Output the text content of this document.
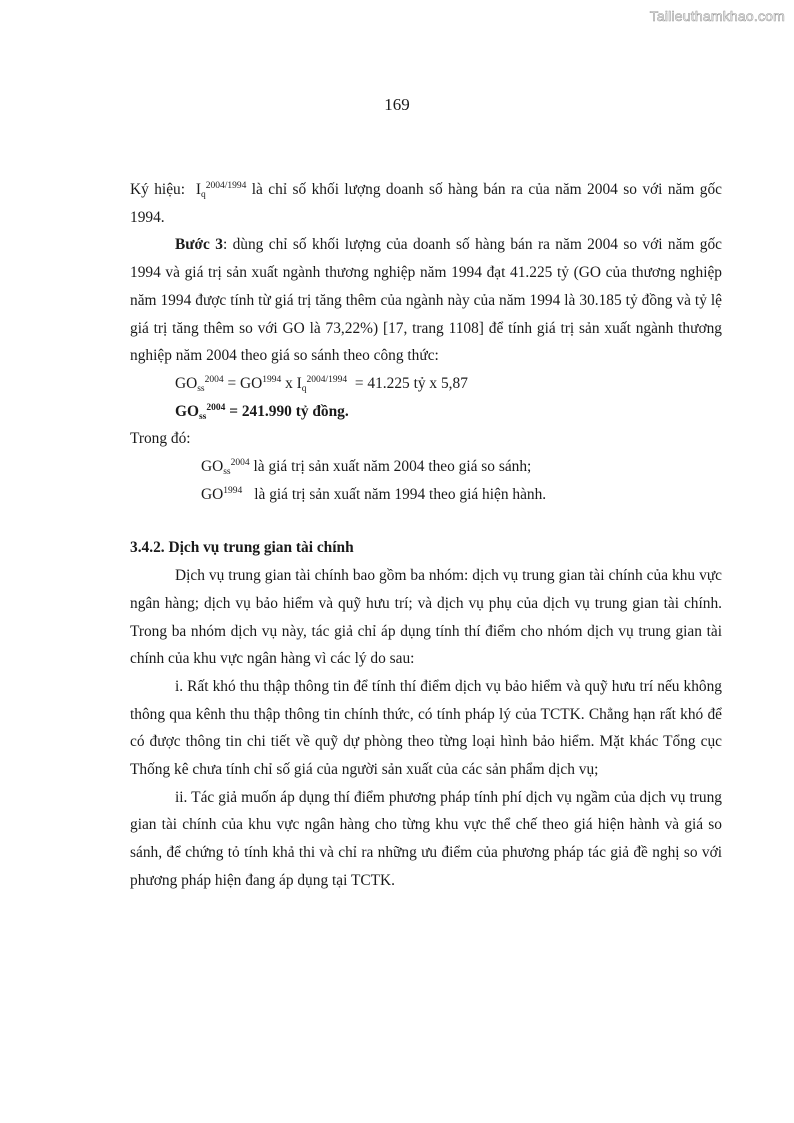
Tailieuthamkhao.com
169

Ký hiệu: $I_q^{2004/1994}$ là chỉ số khối lượng doanh số hàng bán ra của năm 2004 so với năm gốc 1994.

Bước 3: dùng chỉ số khối lượng của doanh số hàng bán ra năm 2004 so với năm gốc 1994 và giá trị sản xuất ngành thương nghiệp năm 1994 đạt 41.225 tỷ (GO của thương nghiệp năm 1994 được tính từ giá trị tăng thêm của ngành này của năm 1994 là 30.185 tỷ đồng và tỷ lệ giá trị tăng thêm so với GO là 73,22%) [17, trang 1108] để tính giá trị sản xuất ngành thương nghiệp năm 2004 theo giá so sánh theo công thức:

$GO_{ss}^{2004} = GO^{1994}$ x $I_q^{2004/1994} = 41.225$ tỷ x 5,87

$GO_{ss}^{2004} = 241.990$ tỷ đồng.

Trong đó:

$GO_{ss}^{2004}$ là giá trị sản xuất năm 2004 theo giá so sánh;

$GO^{1994}$ là giá trị sản xuất năm 1994 theo giá hiện hành.

3.4.2. Dịch vụ trung gian tài chính

Dịch vụ trung gian tài chính bao gồm ba nhóm: dịch vụ trung gian tài chính của khu vực ngân hàng; dịch vụ bảo hiểm và quỹ hưu trí; và dịch vụ phụ của dịch vụ trung gian tài chính. Trong ba nhóm dịch vụ này, tác giả chỉ áp dụng tính thí điểm cho nhóm dịch vụ trung gian tài chính của khu vực ngân hàng vì các lý do sau:

i. Rất khó thu thập thông tin để tính thí điểm dịch vụ bảo hiểm và quỹ hưu trí nếu không thông qua kênh thu thập thông tin chính thức, có tính pháp lý của TCTK. Chẳng hạn rất khó để có được thông tin chi tiết về quỹ dự phòng theo từng loại hình bảo hiểm. Mặt khác Tổng cục Thống kê chưa tính chỉ số giá của người sản xuất của các sản phẩm dịch vụ;

ii. Tác giả muốn áp dụng thí điểm phương pháp tính phí dịch vụ ngầm của dịch vụ trung gian tài chính của khu vực ngân hàng cho từng khu vực thể chế theo giá hiện hành và giá so sánh, để chứng tỏ tính khả thi và chỉ ra những ưu điểm của phương pháp tác giả đề nghị so với phương pháp hiện đang áp dụng tại TCTK.
